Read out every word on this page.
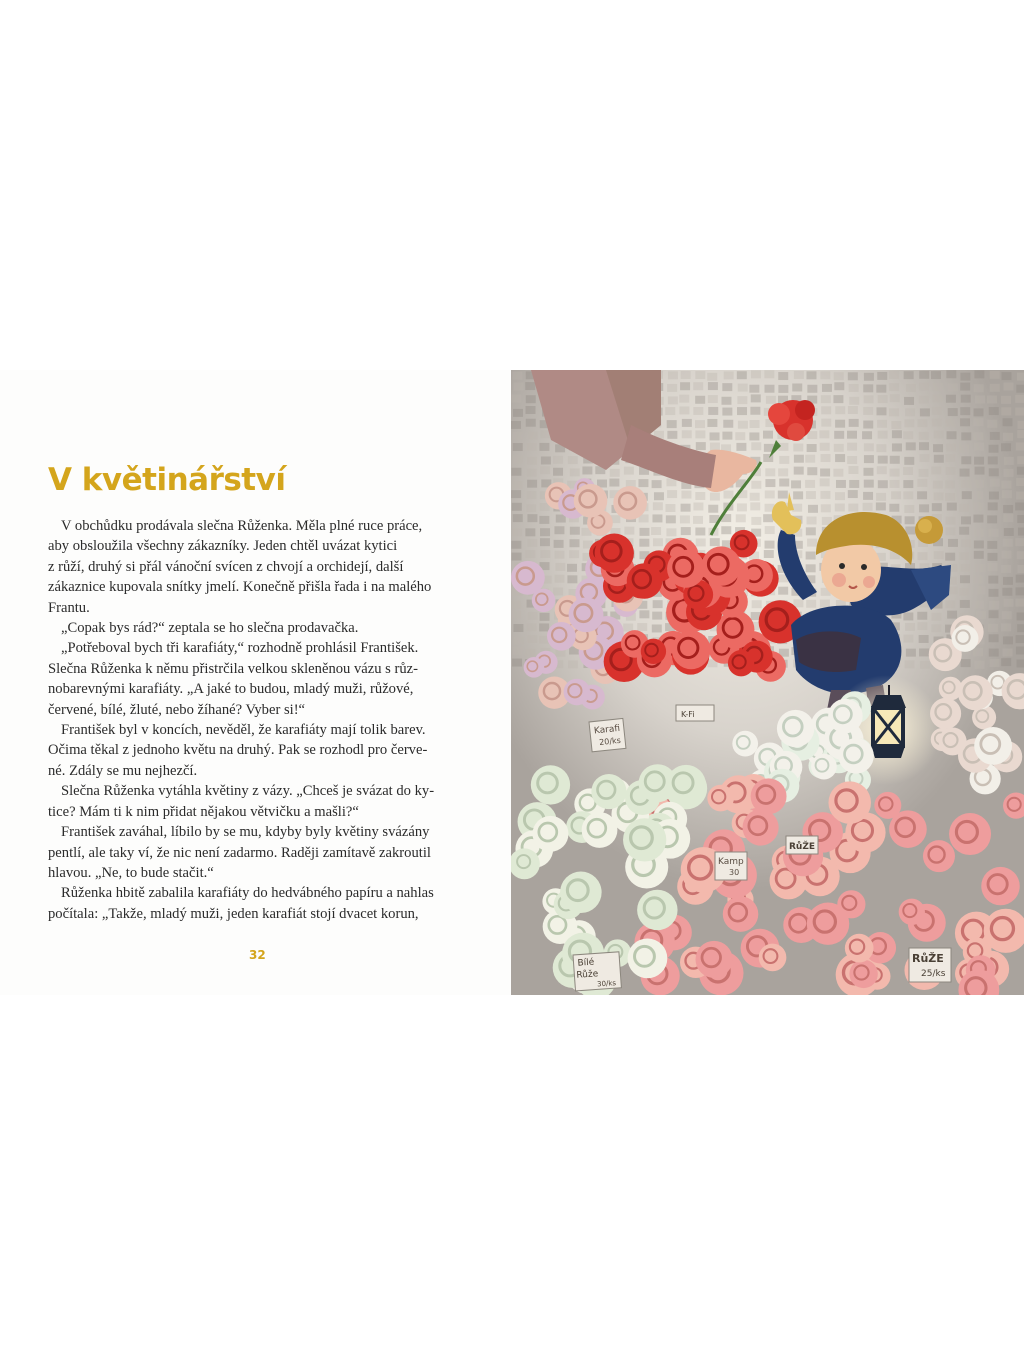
V květinářství
V obchůdku prodávala slečna Růženka. Měla plné ruce práce,
aby obsloužila všechny zákazníky. Jeden chtěl uvázat kytici
z růží, druhý si přál vánoční svícen z chvojí a orchidejí, další
zákaznice kupovala snítky jmelí. Konečně přišla řada i na malého
Frantu.
„Copak bys rád?“ zeptala se ho slečna prodavačka.
„Potřeboval bych tři karafiáty,“ rozhodně prohlásil František.
Slečna Růženka k němu přistrčila velkou skleněnou vázu s růz-
nobarevnými karafiáty. „A jaké to budou, mladý muži, růžové,
červené, bílé, žluté, nebo žíhané? Vyber si!“
František byl v koncích, nevěděl, že karafiáty mají tolik barev.
Očima těkal z jednoho květu na druhý. Pak se rozhodl pro červe-
né. Zdály se mu nejhezčí.
Slečna Růženka vytáhla květiny z vázy. „Chceš je svázat do ky-
tice? Mám ti k nim přidat nějakou větvičku a mašli?“
František zaváhal, líbilo by se mu, kdyby byly květiny svázány
pentlí, ale taky ví, že nic není zadarmo. Raději zamítavě zakroutil
hlavou. „Ne, to bude stačit.“
Růženka hbitě zabalila karafiáty do hedvábného papíru a nahlas
počítala: „Takže, mladý muži, jeden karafiát stojí dvacet korun,
32
Karafi
20/ks
K-Fi
RůŽE
Kamp
30
Bílé
Růže
30/ks
RůŽE
25/ks
